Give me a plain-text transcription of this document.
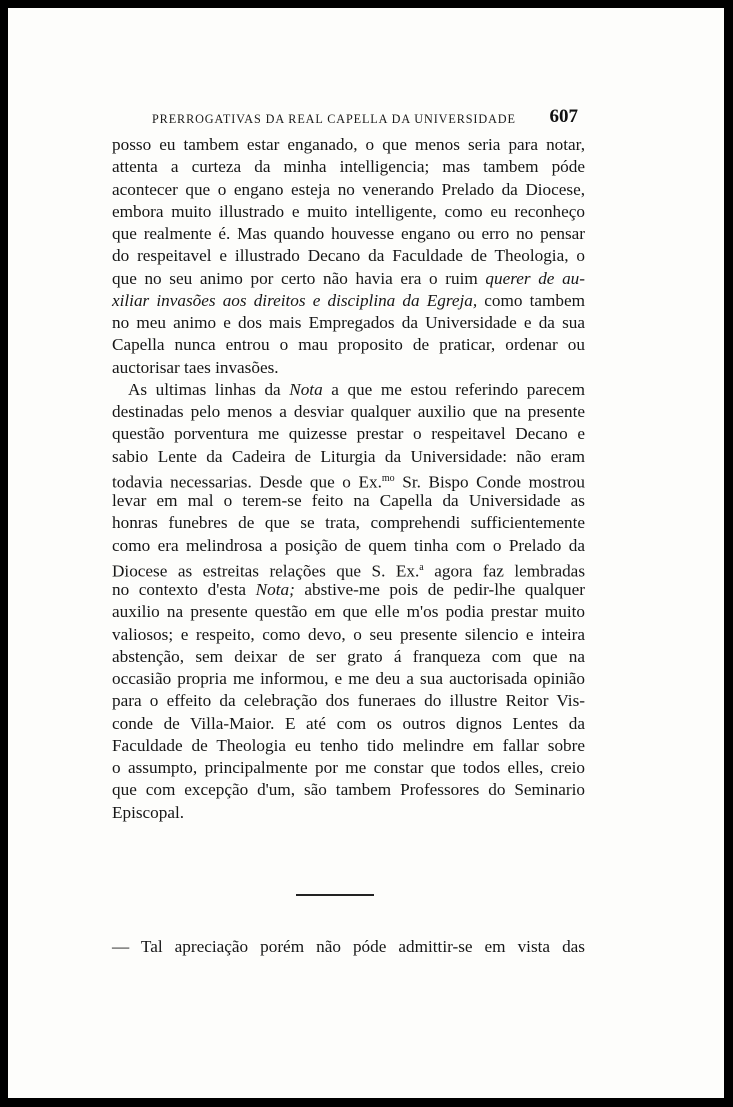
PRERROGATIVAS DA REAL CAPELLA DA UNIVERSIDADE 607
posso eu tambem estar enganado, o que menos seria para notar,
attenta a curteza da minha intelligencia; mas tambem póde
acontecer que o engano esteja no venerando Prelado da Diocese,
embora muito illustrado e muito intelligente, como eu reconheço
que realmente é. Mas quando houvesse engano ou erro no pensar
do respeitavel e illustrado Decano da Faculdade de Theologia, o
que no seu animo por certo não havia era o ruim querer de au-
xiliar invasões aos direitos e disciplina da Egreja, como tambem
no meu animo e dos mais Empregados da Universidade e da sua
Capella nunca entrou o mau proposito de praticar, ordenar ou
auctorisar taes invasões.
As ultimas linhas da Nota a que me estou referindo parecem
destinadas pelo menos a desviar qualquer auxilio que na presente
questão porventura me quizesse prestar o respeitavel Decano e
sabio Lente da Cadeira de Liturgia da Universidade: não eram
todavia necessarias. Desde que o Ex.$^{mo}$ Sr. Bispo Conde mostrou
levar em mal o terem-se feito na Capella da Universidade as
honras funebres de que se trata, comprehendi sufficientemente
como era melindrosa a posição de quem tinha com o Prelado da
Diocese as estreitas relações que S. Ex.$^a$ agora faz lembradas
no contexto d'esta Nota; abstive-me pois de pedir-lhe qualquer
auxilio na presente questão em que elle m'os podia prestar muito
valiosos; e respeito, como devo, o seu presente silencio e inteira
abstenção, sem deixar de ser grato á franqueza com que na
occasião propria me informou, e me deu a sua auctorisada opinião
para o effeito da celebração dos funeraes do illustre Reitor Vis-
conde de Villa-Maior. E até com os outros dignos Lentes da
Faculdade de Theologia eu tenho tido melindre em fallar sobre
o assumpto, principalmente por me constar que todos elles, creio
que com excepção d'um, são tambem Professores do Seminario
Episcopal.
— Tal apreciação porém não póde admittir-se em vista das
